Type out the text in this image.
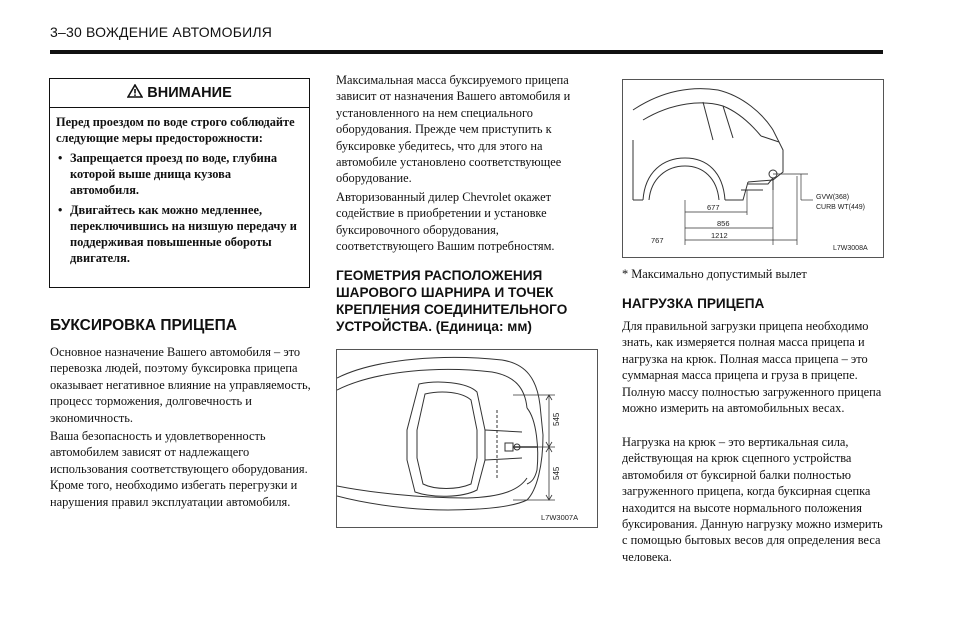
3–30 ВОЖДЕНИЕ АВТОМОБИЛЯ
ВНИМАНИЕ
Перед проездом по воде строго соблюдайте следующие меры предосторожности:
• Запрещается проезд по воде, глубина которой выше днища кузова автомобиля.
• Двигайтесь как можно медленнее, переключившись на низшую передачу и поддерживая повышенные обороты двигателя.
БУКСИРОВКА ПРИЦЕПА

Основное назначение Вашего автомобиля – это перевозка людей, поэтому буксировка прицепа оказывает негативное влияние на управляемость, процесс торможения, долговечность и экономичность.

Ваша безопасность и удовлетворенность автомобилем зависят от надлежащего использования соответствующего оборудования. Кроме того, необходимо избегать перегрузки и нарушения правил эксплуатации автомобиля.

Максимальная масса буксируемого прицепа зависит от назначения Вашего автомобиля и установленного на нем специального оборудования. Прежде чем приступить к буксировке убедитесь, что для этого на автомобиле установлено соответствующее оборудование.

Авторизованный дилер Chevrolet окажет содействие в приобретении и установке буксировочного оборудования, соответствующего Вашим потребностям.

ГЕОМЕТРИЯ РАСПОЛОЖЕНИЯ ШАРОВОГО ШАРНИРА И ТОЧЕК КРЕПЛЕНИЯ СОЕДИНИТЕЛЬНОГО УСТРОЙСТВА. (Единица: мм)
545
545
L7W3007A
677
856
1212
767
GVW(368)
CURB WT(449)
L7W3008A

* Максимально допустимый вылет

НАГРУЗКА ПРИЦЕПА

Для правильной загрузки прицепа необходимо знать, как измеряется полная масса прицепа и нагрузка на крюк. Полная масса прицепа – это суммарная масса прицепа и груза в прицепе. Полную массу полностью загруженного прицепа можно измерить на автомобильных весах.

Нагрузка на крюк – это вертикальная сила, действующая на крюк сцепного устройства автомобиля от буксирной балки полностью загруженного прицепа, когда буксирная сцепка находится на высоте нормального положения буксирования. Данную нагрузку можно измерить с помощью бытовых весов для определения веса человека.
